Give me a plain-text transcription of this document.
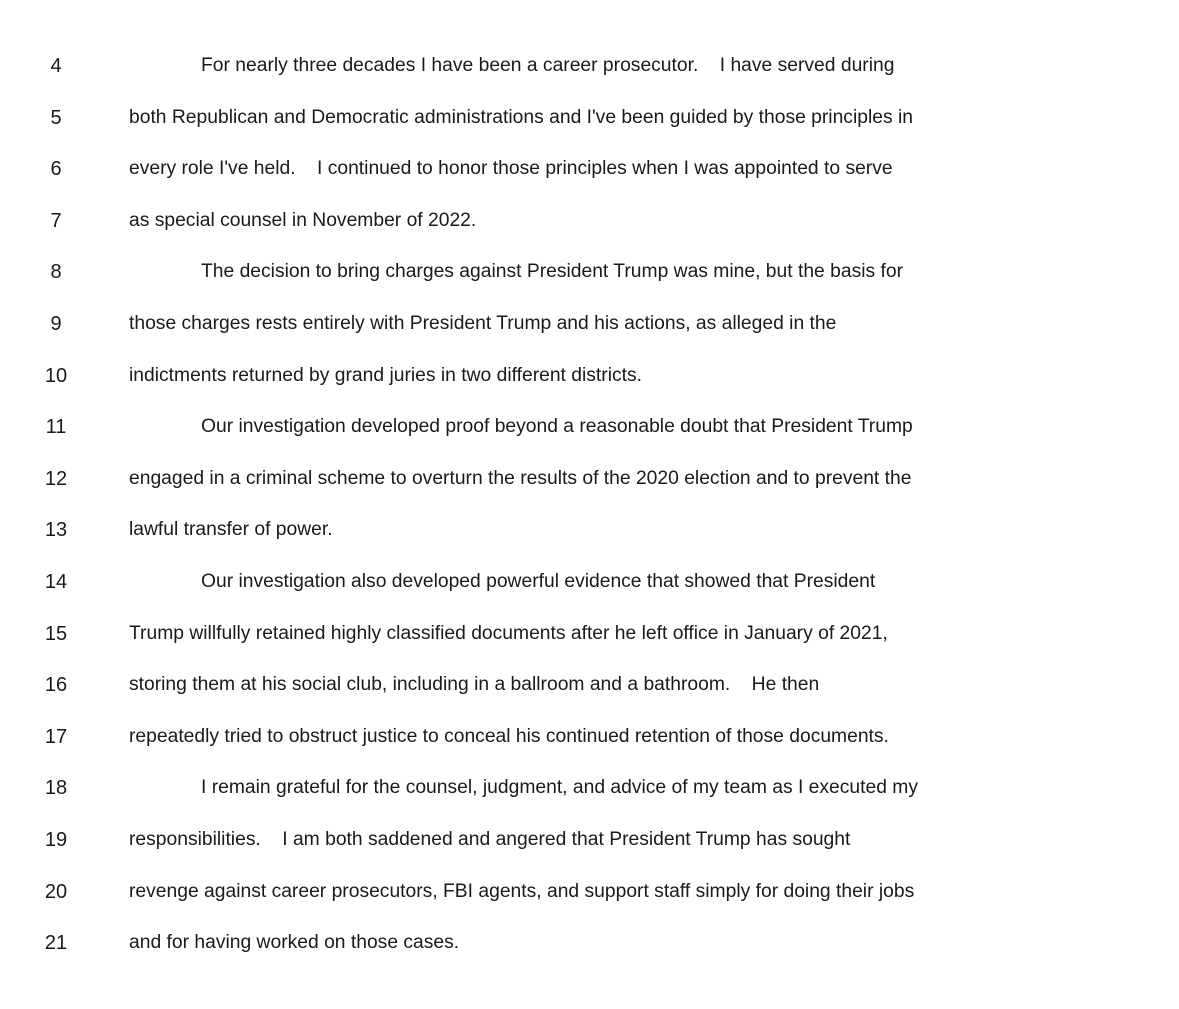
4	For nearly three decades I have been a career prosecutor.    I have served during
5	both Republican and Democratic administrations and I've been guided by those principles in
6	every role I've held.    I continued to honor those principles when I was appointed to serve
7	as special counsel in November of 2022.
8	The decision to bring charges against President Trump was mine, but the basis for
9	those charges rests entirely with President Trump and his actions, as alleged in the
10	indictments returned by grand juries in two different districts.
11	Our investigation developed proof beyond a reasonable doubt that President Trump
12	engaged in a criminal scheme to overturn the results of the 2020 election and to prevent the
13	lawful transfer of power.
14	Our investigation also developed powerful evidence that showed that President
15	Trump willfully retained highly classified documents after he left office in January of 2021,
16	storing them at his social club, including in a ballroom and a bathroom.    He then
17	repeatedly tried to obstruct justice to conceal his continued retention of those documents.
18	I remain grateful for the counsel, judgment, and advice of my team as I executed my
19	responsibilities.    I am both saddened and angered that President Trump has sought
20	revenge against career prosecutors, FBI agents, and support staff simply for doing their jobs
21	and for having worked on those cases.
